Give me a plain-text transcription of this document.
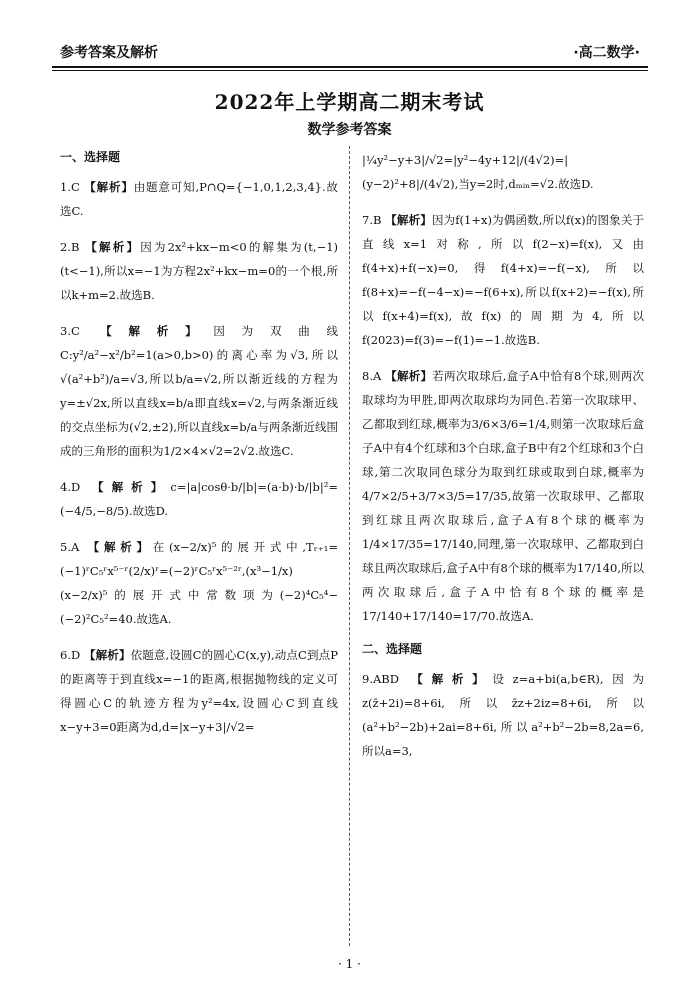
参考答案及解析	·高二数学·
2022年上学期高二期末考试
数学参考答案
一、选择题
1.C 【解析】由题意可知,P∩Q={−1,0,1,2,3,4}.故选C.
2.B 【解析】因为2x²+kx−m<0的解集为(t,−1)(t<−1),所以x=−1为方程2x²+kx−m=0的一个根,所以k+m=2.故选B.
3.C 【解析】因为双曲线C:y²/a²−x²/b²=1(a>0,b>0)的离心率为√3,所以√(a²+b²)/a=√3,所以b/a=√2,所以渐近线的方程为y=±√2x,所以直线x=b/a即直线x=√2,与两条渐近线的交点坐标为(√2,±2),所以直线x=b/a与两条渐近线围成的三角形的面积为1/2×4×√2=2√2.故选C.
4.D 【解析】c=|a|cosθ·b/|b|=(a·b)·b/|b|²=(−4/5,−8/5).故选D.
5.A 【解析】在(x−2/x)⁵的展开式中,Tᵣ₊₁=(−1)ʳC₅ʳx⁵⁻ʳ(2/x)ʳ=(−2)ʳC₅ʳx⁵⁻²ʳ,(x³−1/x)(x−2/x)⁵的展开式中常数项为(−2)⁴C₅⁴−(−2)²C₅²=40.故选A.
6.D 【解析】依题意,设圆C的圆心C(x,y),动点C到点P的距离等于到直线x=−1的距离,根据抛物线的定义可得圆心C的轨迹方程为y²=4x,设圆心C到直线x−y+3=0距离为d,d=|x−y+3|/√2=
|¼y²−y+3|/√2=|y²−4y+12|/(4√2)=|(y−2)²+8|/(4√2),当y=2时,dₘᵢₙ=√2.故选D.
7.B 【解析】因为f(1+x)为偶函数,所以f(x)的图象关于直线x=1对称,所以f(2−x)=f(x),又由f(4+x)+f(−x)=0,得f(4+x)=−f(−x),所以f(8+x)=−f(−4−x)=−f(6+x),所以f(x+2)=−f(x),所以f(x+4)=f(x),故f(x)的周期为4,所以f(2023)=f(3)=−f(1)=−1.故选B.
8.A 【解析】若两次取球后,盒子A中恰有8个球,则两次取球均为甲胜,即两次取球均为同色.若第一次取球甲、乙都取到红球,概率为3/6×3/6=1/4,则第一次取球后盒子A中有4个红球和3个白球,盒子B中有2个红球和3个白球,第二次取同色球分为取到红球或取到白球,概率为4/7×2/5+3/7×3/5=17/35,故第一次取球甲、乙都取到红球且两次取球后,盒子A有8个球的概率为1/4×17/35=17/140,同理,第一次取球甲、乙都取到白球且两次取球后,盒子A中有8个球的概率为17/140,所以两次取球后,盒子A中恰有8个球的概率是17/140+17/140=17/70.故选A.
二、选择题
9.ABD 【解析】设z=a+bi(a,b∈R),因为z(z̄+2i)=8+6i,所以z̄z+2iz=8+6i,所以(a²+b²−2b)+2ai=8+6i,所以a²+b²−2b=8,2a=6,所以a=3,
· 1 ·
